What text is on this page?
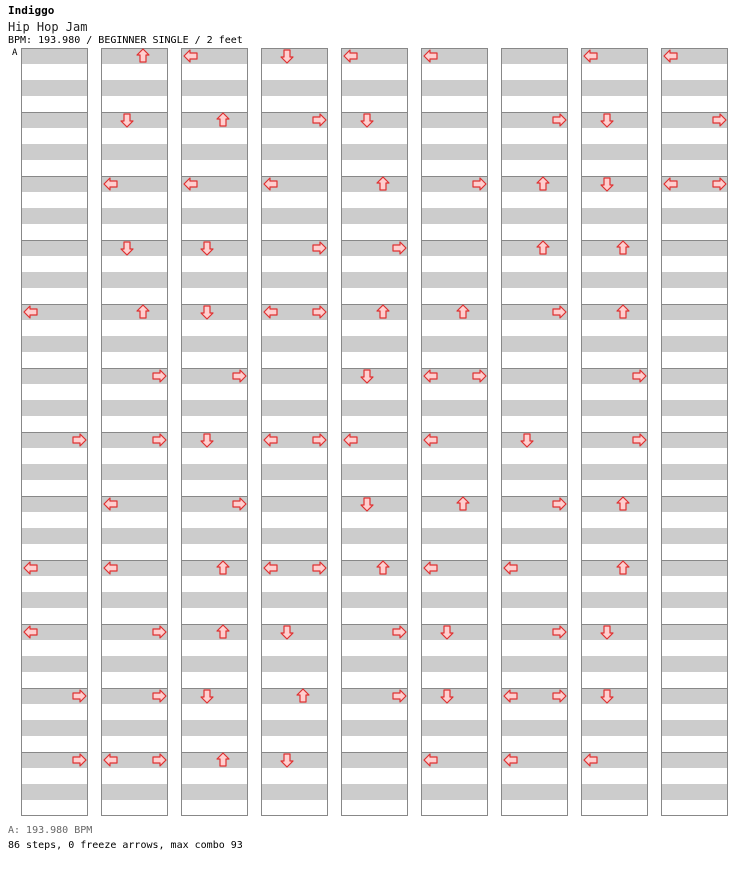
Indiggo
Hip Hop Jam
BPM: 193.980 / BEGINNER SINGLE / 2 feet
A
A: 193.980 BPM
86 steps, 0 freeze arrows, max combo 93
